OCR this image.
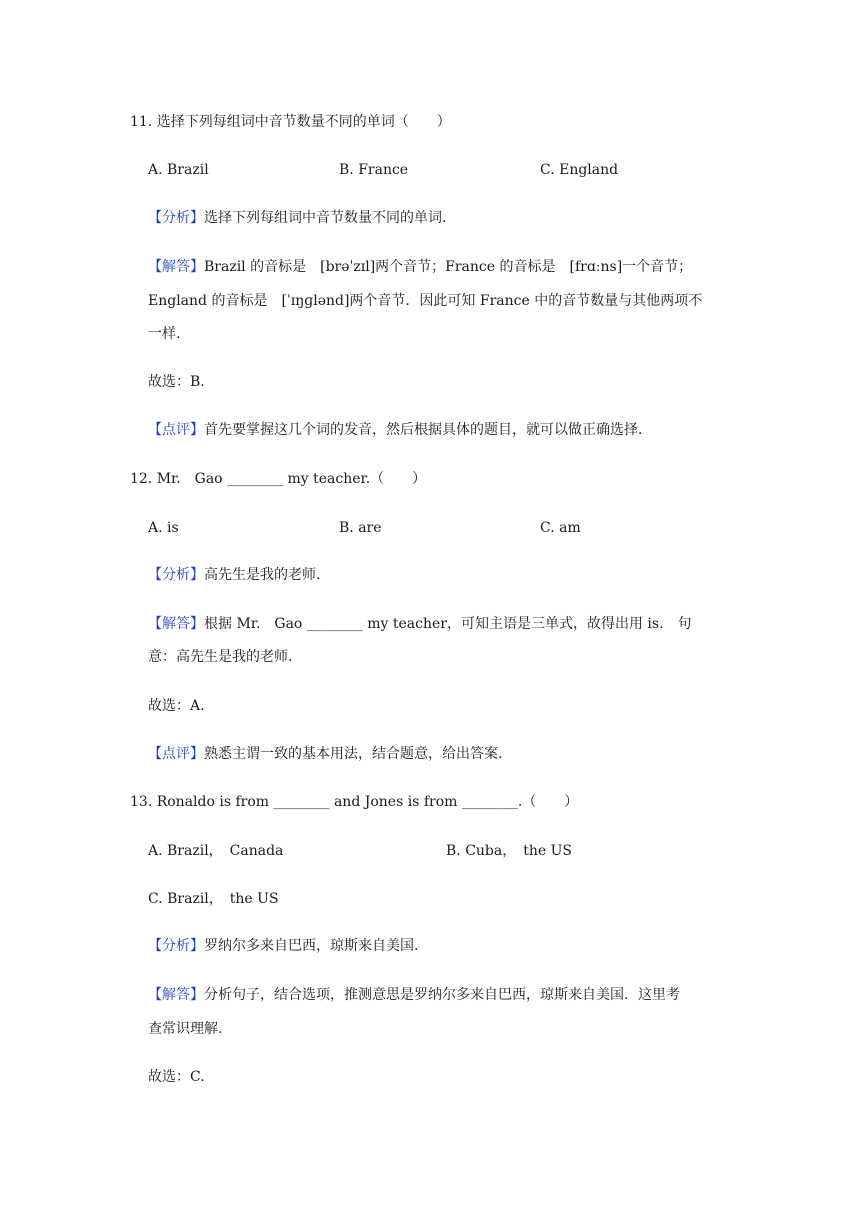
11. 选择下列每组词中音节数量不同的单词（　　）
A. Brazil	B. France	C. England
【分析】选择下列每组词中音节数量不同的单词.
【解答】Brazil 的音标是　[brəˈzɪl]两个音节；France 的音标是　[frɑːns]一个音节；
England 的音标是　[ˈɪŋɡlənd]两个音节．因此可知 France 中的音节数量与其他两项不
一样.
故选：B.
【点评】首先要掌握这几个词的发音，然后根据具体的题目，就可以做正确选择.
12. Mr.　Gao ________ my teacher.（　　）
A. is	B. are	C. am
【分析】高先生是我的老师.
【解答】根据 Mr.　Gao ________ my teacher，可知主语是三单式，故得出用 is.　句
意：高先生是我的老师.
故选：A.
【点评】熟悉主谓一致的基本用法，结合题意，给出答案.
13. Ronaldo is from ________ and Jones is from ________.（　　）
A. Brazil，　Canada	B. Cuba，　the US
C. Brazil，　the US
【分析】罗纳尔多来自巴西，琼斯来自美国.
【解答】分析句子，结合选项，推测意思是罗纳尔多来自巴西，琼斯来自美国．这里考
查常识理解.
故选：C.
